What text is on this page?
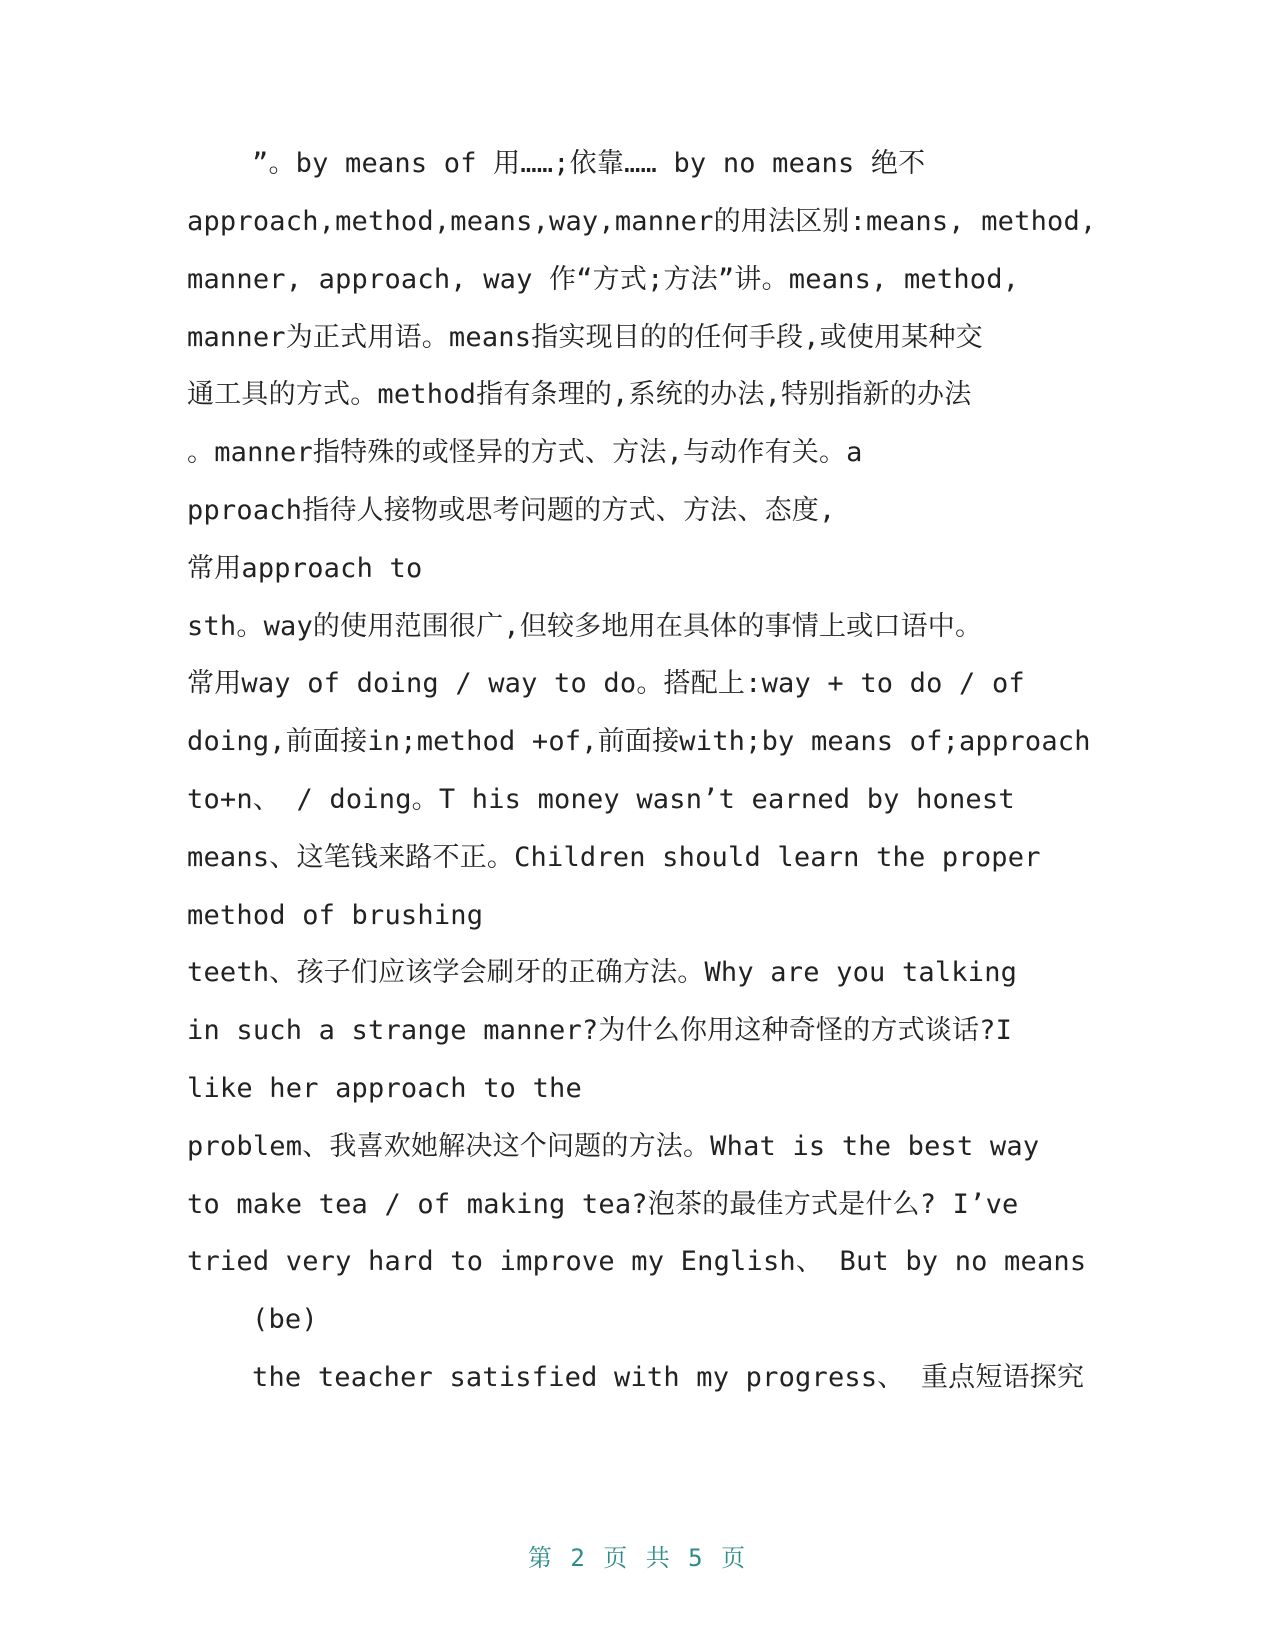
”。by means of 用……;依靠…… by no means 绝不
approach,method,means,way,manner的用法区别:means, method,
manner, approach, way 作“方式;方法”讲。means, method,
manner为正式用语。means指实现目的的任何手段,或使用某种交
通工具的方式。method指有条理的,系统的办法,特别指新的办法
。manner指特殊的或怪异的方式、方法,与动作有关。a
pproach指待人接物或思考问题的方式、方法、态度,
常用approach to
sth。way的使用范围很广,但较多地用在具体的事情上或口语中。
常用way of doing / way to do。搭配上:way + to do / of
doing,前面接in;method +of,前面接with;by means of;approach
to+n、 / doing。T his money wasn’t earned by honest
means、这笔钱来路不正。Children should learn the proper
method of brushing
teeth、孩子们应该学会刷牙的正确方法。Why are you talking
in such a strange manner?为什么你用这种奇怪的方式谈话?I
like her approach to the
problem、我喜欢她解决这个问题的方法。What is the best way
to make tea / of making tea?泡茶的最佳方式是什么? I’ve
tried very hard to improve my English、 But by no means
(be)
the teacher satisfied with my progress、 重点短语探究
第 2 页 共 5 页
